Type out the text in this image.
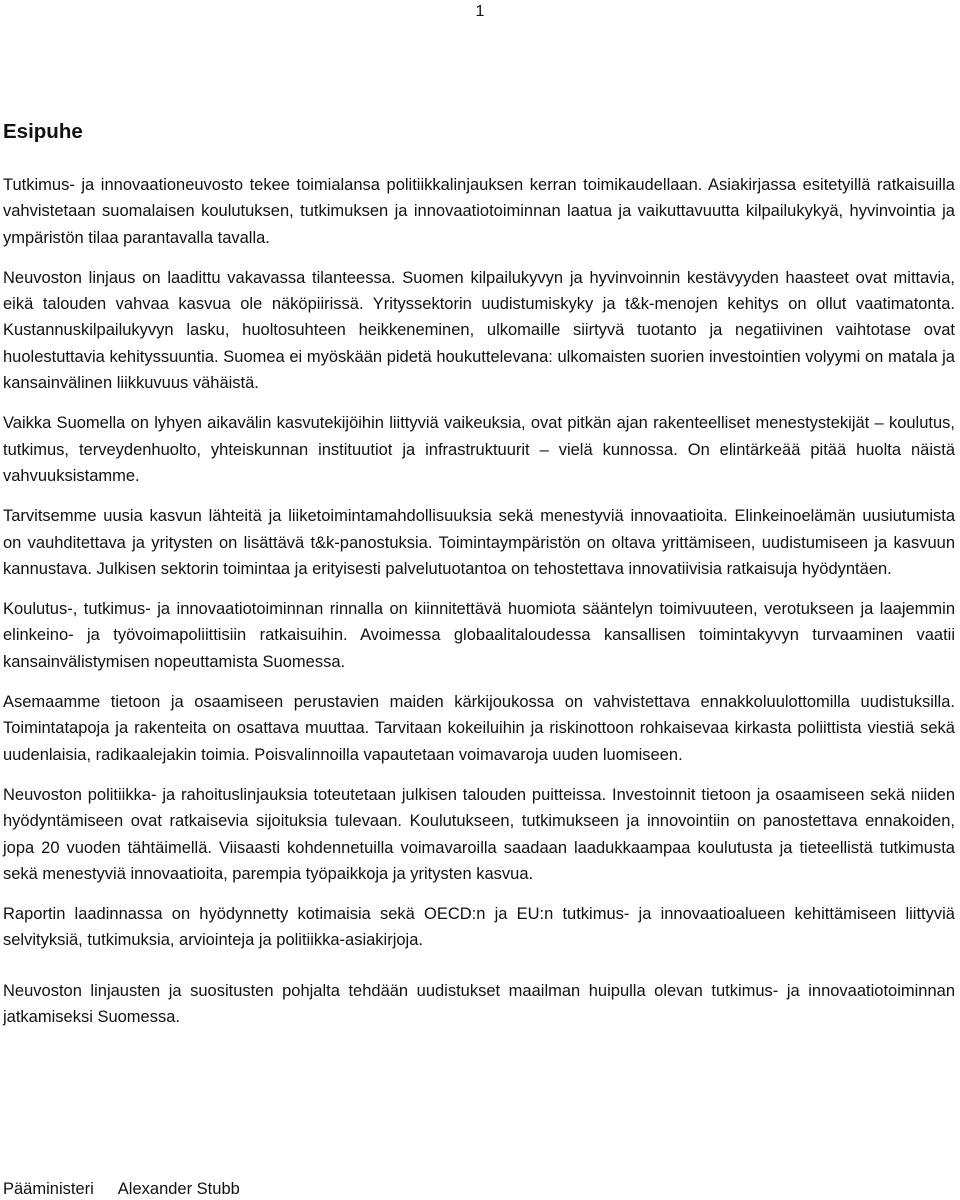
1
Esipuhe

Tutkimus- ja innovaationeuvosto tekee toimialansa politiikkalinjauksen kerran toimikaudellaan. Asiakirjassa esitetyillä ratkaisuilla vahvistetaan suomalaisen koulutuksen, tutkimuksen ja innovaatiotoiminnan laatua ja vaikuttavuutta kilpailukykyä, hyvinvointia ja ympäristön tilaa parantavalla tavalla.

Neuvoston linjaus on laadittu vakavassa tilanteessa. Suomen kilpailukyvyn ja hyvinvoinnin kestävyyden haasteet ovat mittavia, eikä talouden vahvaa kasvua ole näköpiirissä. Yrityssektorin uudistumiskyky ja t&k-menojen kehitys on ollut vaatimatonta. Kustannuskilpailukyvyn lasku, huoltosuhteen heikkeneminen, ulkomaille siirtyvä tuotanto ja negatiivinen vaihtotase ovat huolestuttavia kehityssuuntia. Suomea ei myöskään pidetä houkuttelevana: ulkomaisten suorien investointien volyymi on matala ja kansainvälinen liikkuvuus vähäistä.

Vaikka Suomella on lyhyen aikavälin kasvutekijöihin liittyviä vaikeuksia, ovat pitkän ajan rakenteelliset menestystekijät – koulutus, tutkimus, terveydenhuolto, yhteiskunnan instituutiot ja infrastruktuurit – vielä kunnossa. On elintärkeää pitää huolta näistä vahvuuksistamme.

Tarvitsemme uusia kasvun lähteitä ja liiketoimintamahdollisuuksia sekä menestyviä innovaatioita. Elinkeinoelämän uusiutumista on vauhditettava ja yritysten on lisättävä t&k-panostuksia. Toimintaympäristön on oltava yrittämiseen, uudistumiseen ja kasvuun kannustava. Julkisen sektorin toimintaa ja erityisesti palvelutuotantoa on tehostettava innovatiivisia ratkaisuja hyödyntäen.

Koulutus-, tutkimus- ja innovaatiotoiminnan rinnalla on kiinnitettävä huomiota sääntelyn toimivuuteen, verotukseen ja laajemmin elinkeino- ja työvoimapoliittisiin ratkaisuihin. Avoimessa globaalitaloudessa kansallisen toimintakyvyn turvaaminen vaatii kansainvälistymisen nopeuttamista Suomessa.

Asemaamme tietoon ja osaamiseen perustavien maiden kärkijoukossa on vahvistettava ennakkoluulottomilla uudistuksilla. Toimintatapoja ja rakenteita on osattava muuttaa. Tarvitaan kokeiluihin ja riskinottoon rohkaisevaa kirkasta poliittista viestiä sekä uudenlaisia, radikaalejakin toimia. Poisvalinnoilla vapautetaan voimavaroja uuden luomiseen.

Neuvoston politiikka- ja rahoituslinjauksia toteutetaan julkisen talouden puitteissa. Investoinnit tietoon ja osaamiseen sekä niiden hyödyntämiseen ovat ratkaisevia sijoituksia tulevaan. Koulutukseen, tutkimukseen ja innovointiin on panostettava ennakoiden, jopa 20 vuoden tähtäimellä. Viisaasti kohdennetuilla voimavaroilla saadaan laadukkaampaa koulutusta ja tieteellistä tutkimusta sekä menestyviä innovaatioita, parempia työpaikkoja ja yritysten kasvua.

Raportin laadinnassa on hyödynnetty kotimaisia sekä OECD:n ja EU:n tutkimus- ja innovaatioalueen kehittämiseen liittyviä selvityksiä, tutkimuksia, arviointeja ja politiikka-asiakirjoja.

Neuvoston linjausten ja suositusten pohjalta tehdään uudistukset maailman huipulla olevan tutkimus- ja innovaatiotoiminnan jatkamiseksi Suomessa.

Pääministeri Alexander Stubb
